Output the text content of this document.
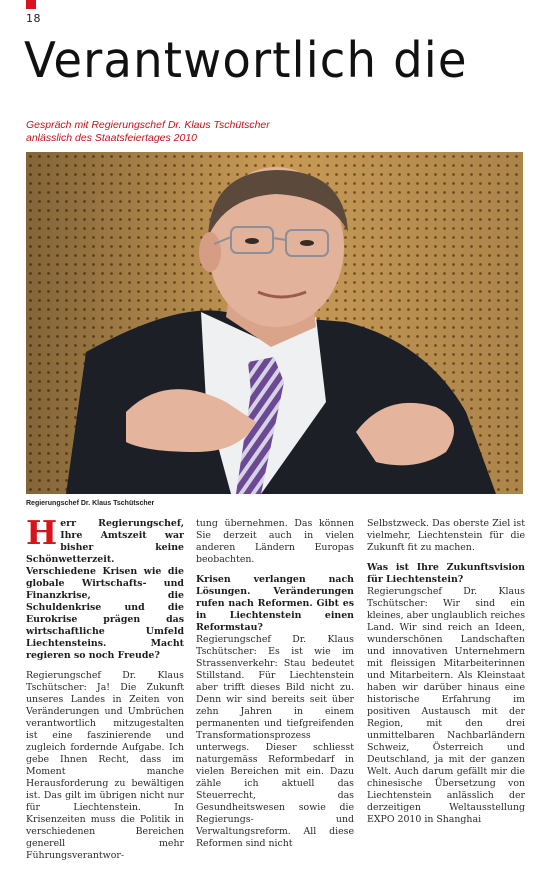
18
Verantwortlich die
Gespräch mit Regierungschef Dr. Klaus Tschütscher
anlässlich des Staatsfeiertages 2010
Regierungschef Dr. Klaus Tschütscher

Herr Regierungschef, Ihre Amtszeit war bisher keine Schönwetterzeit. Verschiedene Krisen wie die globale Wirtschafts- und Finanzkrise, die Schuldenkrise und die Eurokrise prägen das wirtschaftliche Umfeld Liechtensteins. Macht regieren so noch Freude?

Regierungschef Dr. Klaus Tschütscher: Ja! Die Zukunft unseres Landes in Zeiten von Veränderungen und Umbrüchen verantwortlich mitzugestalten ist eine faszinierende und zugleich fordernde Aufgabe. Ich gebe Ihnen Recht, dass im Moment manche Herausforderung zu bewältigen ist. Das gilt im übrigen nicht nur für Liechtenstein. In Krisenzeiten muss die Politik in verschiedenen Bereichen generell mehr Führungsverantwor-

tung übernehmen. Das können Sie derzeit auch in vielen anderen Ländern Europas beobachten.

Krisen verlangen nach Lösungen. Veränderungen rufen nach Reformen. Gibt es in Liechtenstein einen Reformstau?

Regierungschef Dr. Klaus Tschütscher: Es ist wie im Strassenverkehr: Stau bedeutet Stillstand. Für Liechtenstein aber trifft dieses Bild nicht zu. Denn wir sind bereits seit über zehn Jahren in einem permanenten und tiefgreifenden Transformationsprozess unterwegs. Dieser schliesst naturgemäss Reformbedarf in vielen Bereichen mit ein. Dazu zähle ich aktuell das Steuerrecht, das Gesundheitswesen sowie die Regierungs- und Verwaltungsreform. All diese Reformen sind nicht

Selbstzweck. Das oberste Ziel ist vielmehr, Liechtenstein für die Zukunft fit zu machen.

Was ist Ihre Zukunftsvision für Liechtenstein?

Regierungschef Dr. Klaus Tschütscher: Wir sind ein kleines, aber unglaublich reiches Land. Wir sind reich an Ideen, wunderschönen Landschaften und innovativen Unternehmern mit fleissigen Mitarbeiterinnen und Mitarbeitern. Als Kleinstaat haben wir darüber hinaus eine historische Erfahrung im positiven Austausch mit der Region, mit den drei unmittelbaren Nachbarländern Schweiz, Österreich und Deutschland, ja mit der ganzen Welt. Auch darum gefällt mir die chinesische Übersetzung von Liechtenstein anlässlich der derzeitigen Weltausstellung EXPO 2010 in Shanghai
